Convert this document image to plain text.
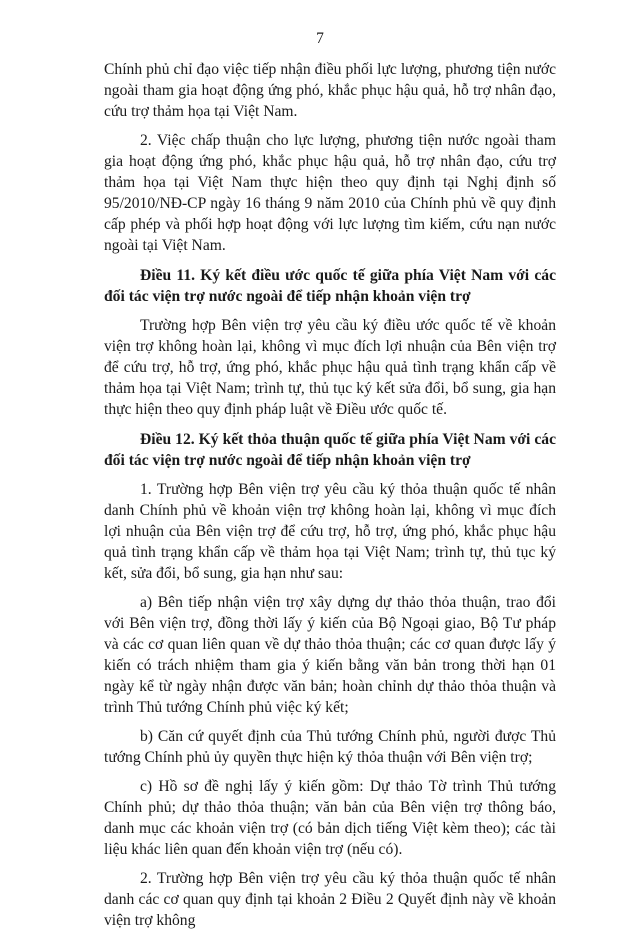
7

Chính phủ chỉ đạo việc tiếp nhận điều phối lực lượng, phương tiện nước ngoài tham gia hoạt động ứng phó, khắc phục hậu quả, hỗ trợ nhân đạo, cứu trợ thảm họa tại Việt Nam.

2. Việc chấp thuận cho lực lượng, phương tiện nước ngoài tham gia hoạt động ứng phó, khắc phục hậu quả, hỗ trợ nhân đạo, cứu trợ thảm họa tại Việt Nam thực hiện theo quy định tại Nghị định số 95/2010/NĐ-CP ngày 16 tháng 9 năm 2010 của Chính phủ về quy định cấp phép và phối hợp hoạt động với lực lượng tìm kiếm, cứu nạn nước ngoài tại Việt Nam.

Điều 11. Ký kết điều ước quốc tế giữa phía Việt Nam với các đối tác viện trợ nước ngoài để tiếp nhận khoản viện trợ

Trường hợp Bên viện trợ yêu cầu ký điều ước quốc tế về khoản viện trợ không hoàn lại, không vì mục đích lợi nhuận của Bên viện trợ để cứu trợ, hỗ trợ, ứng phó, khắc phục hậu quả tình trạng khẩn cấp về thảm họa tại Việt Nam; trình tự, thủ tục ký kết sửa đổi, bổ sung, gia hạn thực hiện theo quy định pháp luật về Điều ước quốc tế.

Điều 12. Ký kết thỏa thuận quốc tế giữa phía Việt Nam với các đối tác viện trợ nước ngoài để tiếp nhận khoản viện trợ

1. Trường hợp Bên viện trợ yêu cầu ký thỏa thuận quốc tế nhân danh Chính phủ về khoản viện trợ không hoàn lại, không vì mục đích lợi nhuận của Bên viện trợ để cứu trợ, hỗ trợ, ứng phó, khắc phục hậu quả tình trạng khẩn cấp về thảm họa tại Việt Nam; trình tự, thủ tục ký kết, sửa đổi, bổ sung, gia hạn như sau:

a) Bên tiếp nhận viện trợ xây dựng dự thảo thỏa thuận, trao đổi với Bên viện trợ, đồng thời lấy ý kiến của Bộ Ngoại giao, Bộ Tư pháp và các cơ quan liên quan về dự thảo thỏa thuận; các cơ quan được lấy ý kiến có trách nhiệm tham gia ý kiến bằng văn bản trong thời hạn 01 ngày kể từ ngày nhận được văn bản; hoàn chỉnh dự thảo thỏa thuận và trình Thủ tướng Chính phủ việc ký kết;

b) Căn cứ quyết định của Thủ tướng Chính phủ, người được Thủ tướng Chính phủ ủy quyền thực hiện ký thỏa thuận với Bên viện trợ;

c) Hồ sơ đề nghị lấy ý kiến gồm: Dự thảo Tờ trình Thủ tướng Chính phủ; dự thảo thỏa thuận; văn bản của Bên viện trợ thông báo, danh mục các khoản viện trợ (có bản dịch tiếng Việt kèm theo); các tài liệu khác liên quan đến khoản viện trợ (nếu có).

2. Trường hợp Bên viện trợ yêu cầu ký thỏa thuận quốc tế nhân danh các cơ quan quy định tại khoản 2 Điều 2 Quyết định này về khoản viện trợ không
